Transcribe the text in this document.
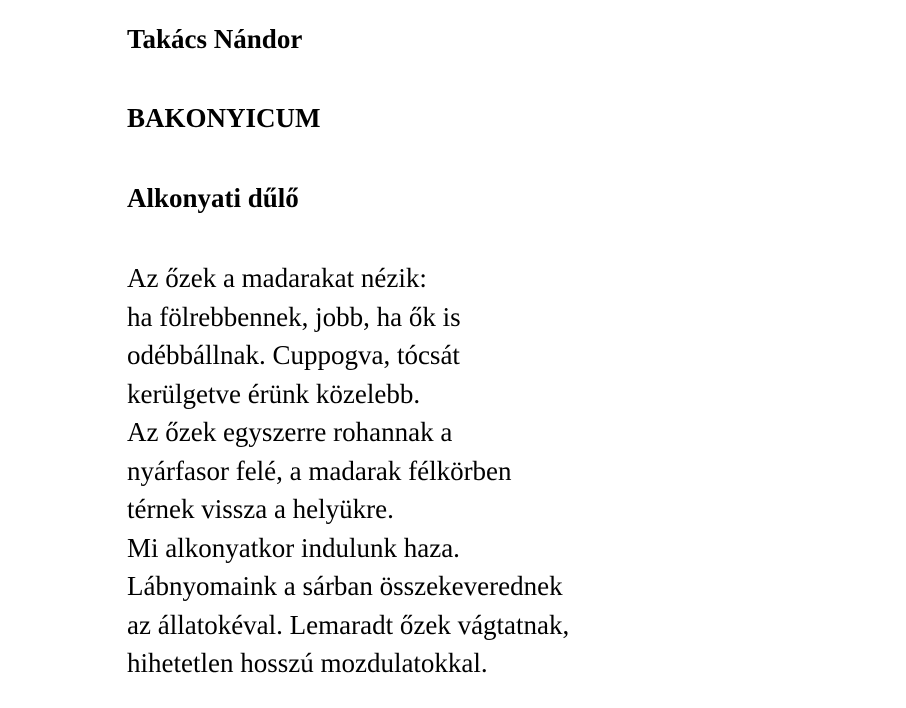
Takács Nándor
BAKONYICUM
Alkonyati dűlő
Az őzek a madarakat nézik:
ha fölrebbennek, jobb, ha ők is
odébbállnak. Cuppogva, tócsát
kerülgetve érünk közelebb.
Az őzek egyszerre rohannak a
nyárfasor felé, a madarak félkörben
térnek vissza a helyükre.
Mi alkonyatkor indulunk haza.
Lábnyomaink a sárban összekeverednek
az állatokéval. Lemaradt őzek vágtatnak,
hihetetlen hosszú mozdulatokkal.
